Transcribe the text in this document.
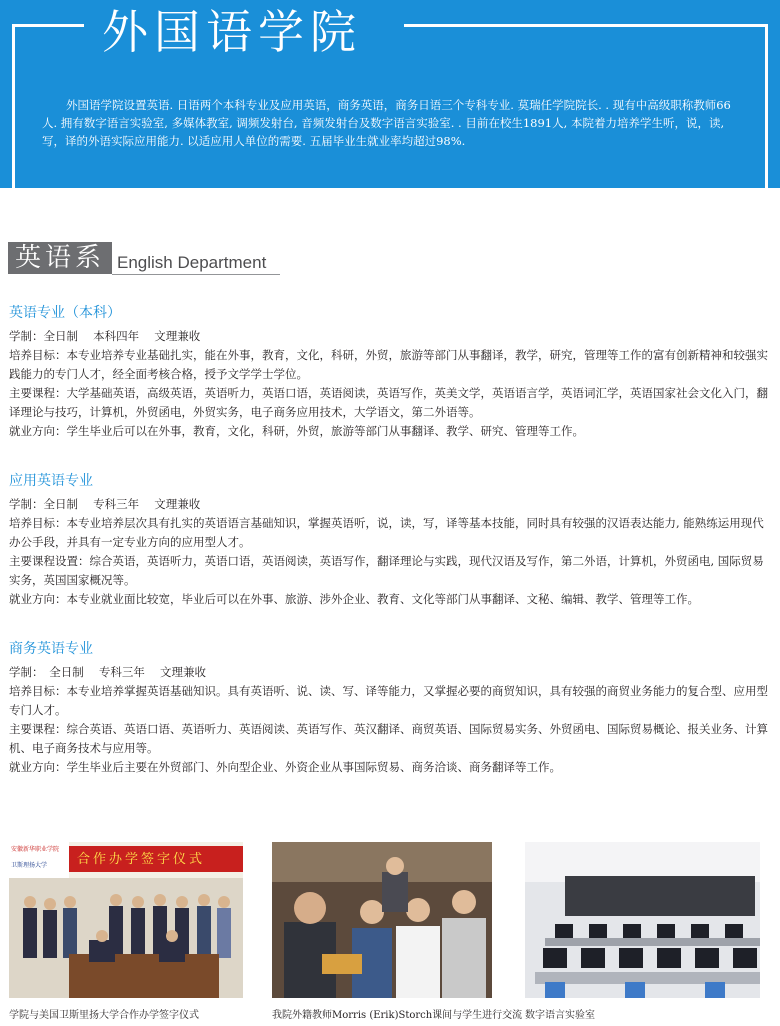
外国语学院
外国语学院设置英语. 日语两个本科专业及应用英语，商务英语，商务日语三个专科专业. 莫瑞任学院院长. . 现有中高级职称教师66人. 拥有数字语言实验室, 多媒体教室, 调频发射台, 音频发射台及数字语言实验室. . 目前在校生1891人, 本院着力培养学生听，说，读, 写，译的外语实际应用能力. 以适应用人单位的需要. 五届毕业生就业率均超过98%.
英语系 English Department
英语专业（本科）

学制：全日制　 本科四年　 文理兼收

培养目标：本专业培养专业基础扎实，能在外事，教育，文化，科研，外贸，旅游等部门从事翻译，教学，研究，管理等工作的富有创新精神和较强实践能力的专门人才，经全面考核合格，授予文学学士学位。

主要课程：大学基础英语，高级英语，英语听力，英语口语，英语阅读，英语写作，英美文学，英语语言学，英语词汇学，英语国家社会文化入门，翻译理论与技巧，计算机，外贸函电，外贸实务，电子商务应用技术，大学语文，第二外语等。

就业方向：学生毕业后可以在外事，教育，文化，科研，外贸，旅游等部门从事翻译、教学、研究、管理等工作。

应用英语专业

学制：全日制　 专科三年　 文理兼收

培养目标：本专业培养层次具有扎实的英语语言基础知识，掌握英语听，说，读，写，译等基本技能，同时具有较强的汉语表达能力, 能熟练运用现代办公手段，并具有一定专业方向的应用型人才。

主要课程设置：综合英语，英语听力，英语口语，英语阅读，英语写作，翻译理论与实践，现代汉语及写作，第二外语，计算机，外贸函电, 国际贸易实务，英国国家概况等。

就业方向：本专业就业面比较宽，毕业后可以在外事、旅游、涉外企业、教育、文化等部门从事翻译、文秘、编辑、教学、管理等工作。

商务英语专业

学制：　全日制　 专科三年　 文理兼收

培养目标：本专业培养掌握英语基础知识。具有英语听、说、读、写、译等能力，又掌握必要的商贸知识，具有较强的商贸业务能力的复合型、应用型专门人才。

主要课程：综合英语、英语口语、英语听力、英语阅读、英语写作、英汉翻译、商贸英语、国际贸易实务、外贸函电、国际贸易概论、报关业务、计算机、电子商务技术与应用等。

就业方向：学生毕业后主要在外贸部门、外向型企业、外资企业从事国际贸易、商务洽谈、商务翻译等工作。

安徽新华职业学院
卫斯理扬大学	合作办学签字仪式
学院与美国卫斯里扬大学合作办学签字仪式	我院外籍教师Morris (Erik)Storch课间与学生进行交流 数字语言实验室
